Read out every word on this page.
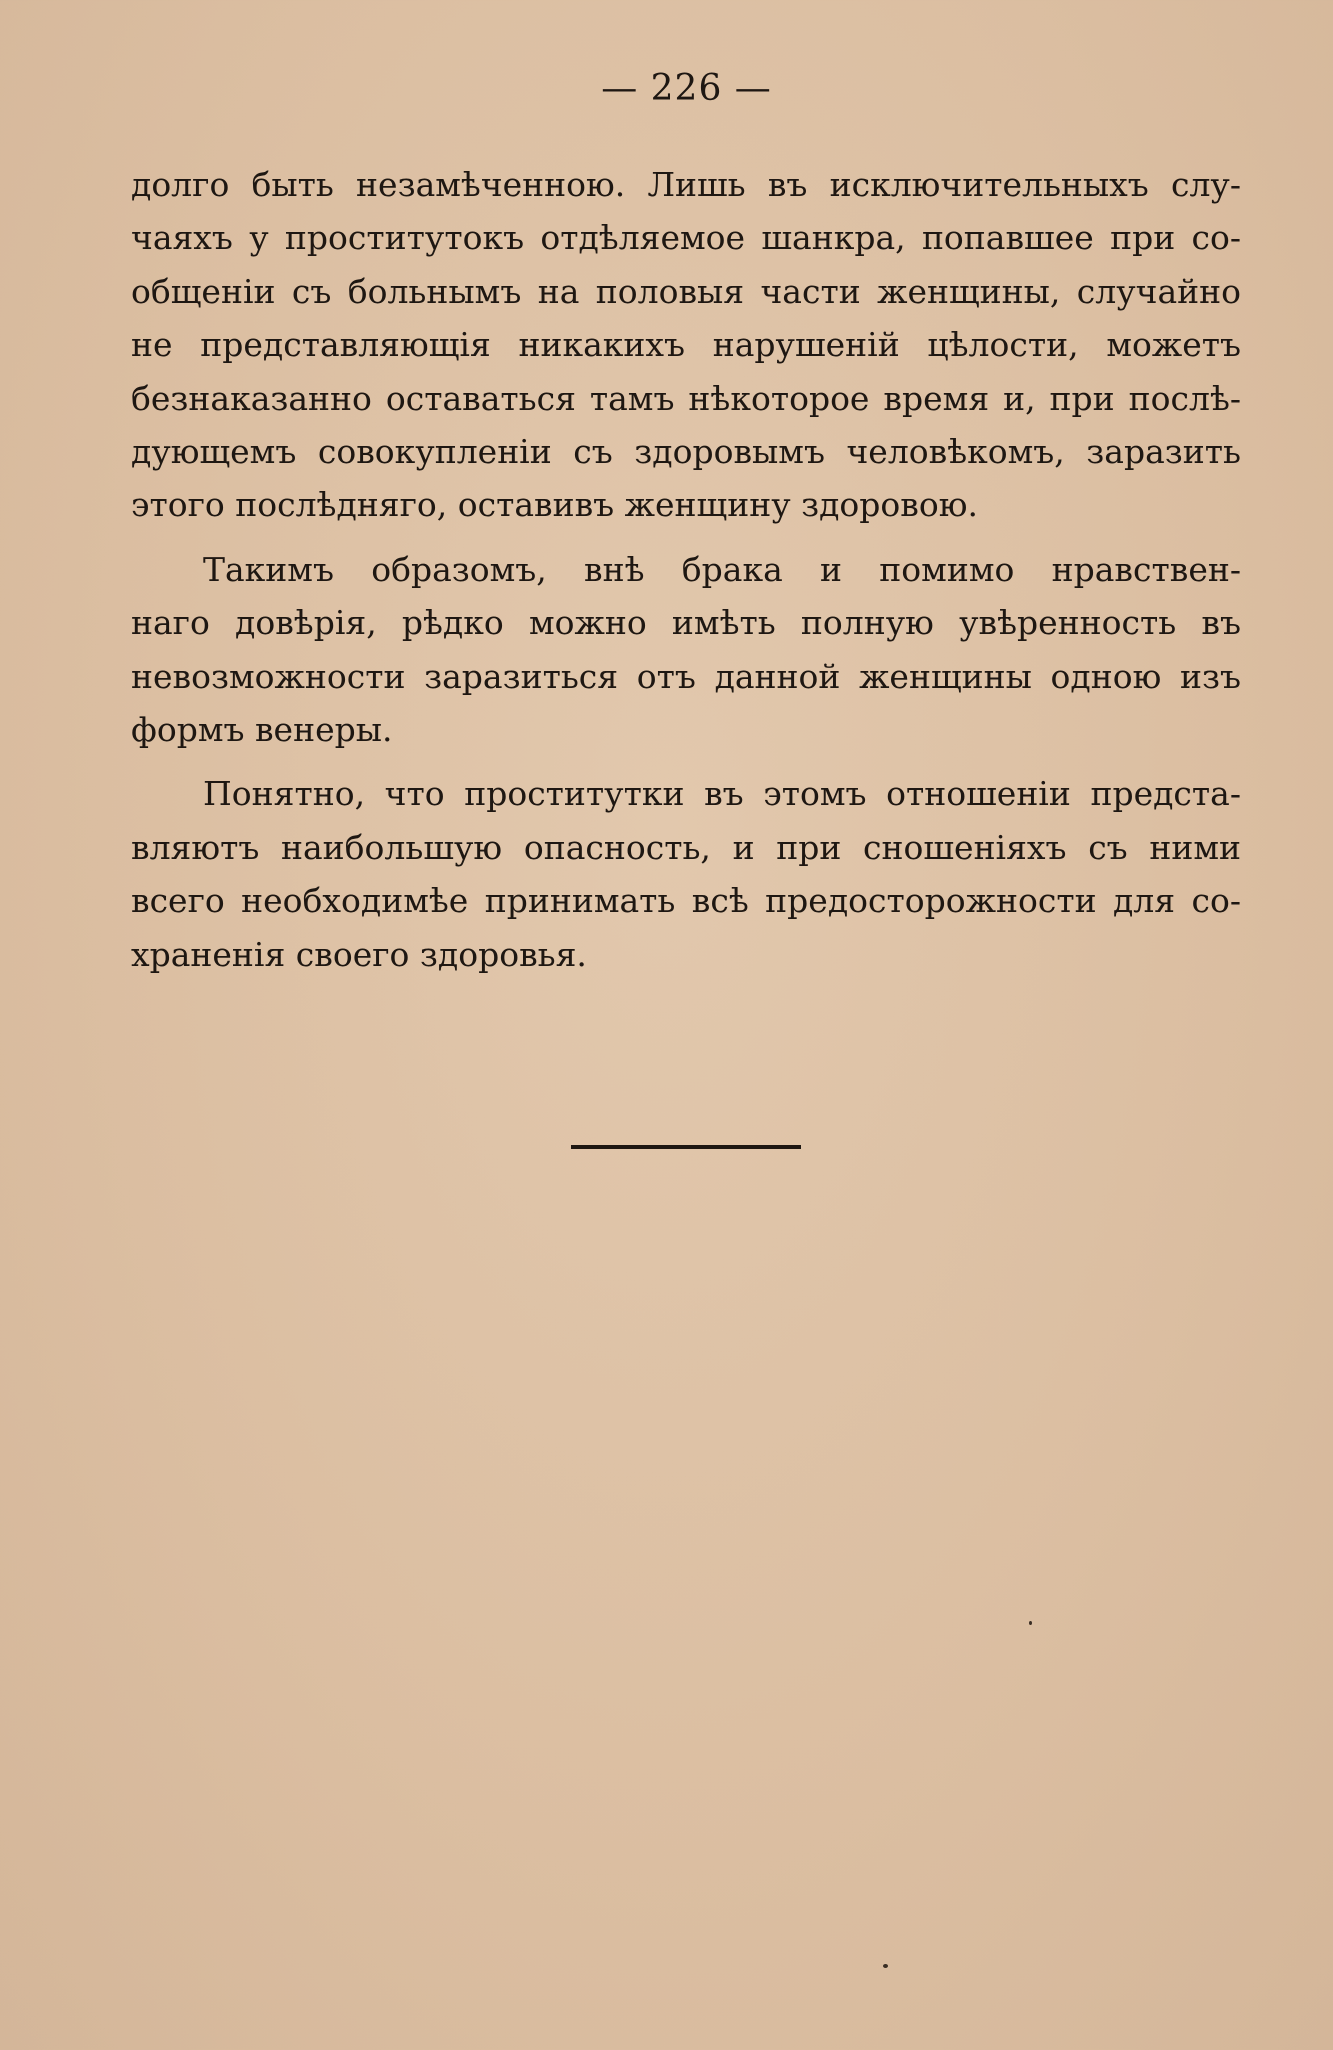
— 226 —

долго быть незамѣченною. Лишь въ исключительныхъ слу-
чаяхъ у проститутокъ отдѣляемое шанкра, попавшее при со-
общеніи съ больнымъ на половыя части женщины, случайно
не представляющія никакихъ нарушеній цѣлости, можетъ
безнаказанно оставаться тамъ нѣкоторое время и, при послѣ-
дующемъ совокупленіи съ здоровымъ человѣкомъ, заразить
этого послѣдняго, оставивъ женщину здоровою.

Такимъ образомъ, внѣ брака и помимо нравствен-
наго довѣрія, рѣдко можно имѣть полную увѣренность въ
невозможности заразиться отъ данной женщины одною изъ
формъ венеры.

Понятно, что проститутки въ этомъ отношеніи предста-
вляютъ наибольшую опасность, и при сношеніяхъ съ ними
всего необходимѣе принимать всѣ предосторожности для со-
храненія своего здоровья.
